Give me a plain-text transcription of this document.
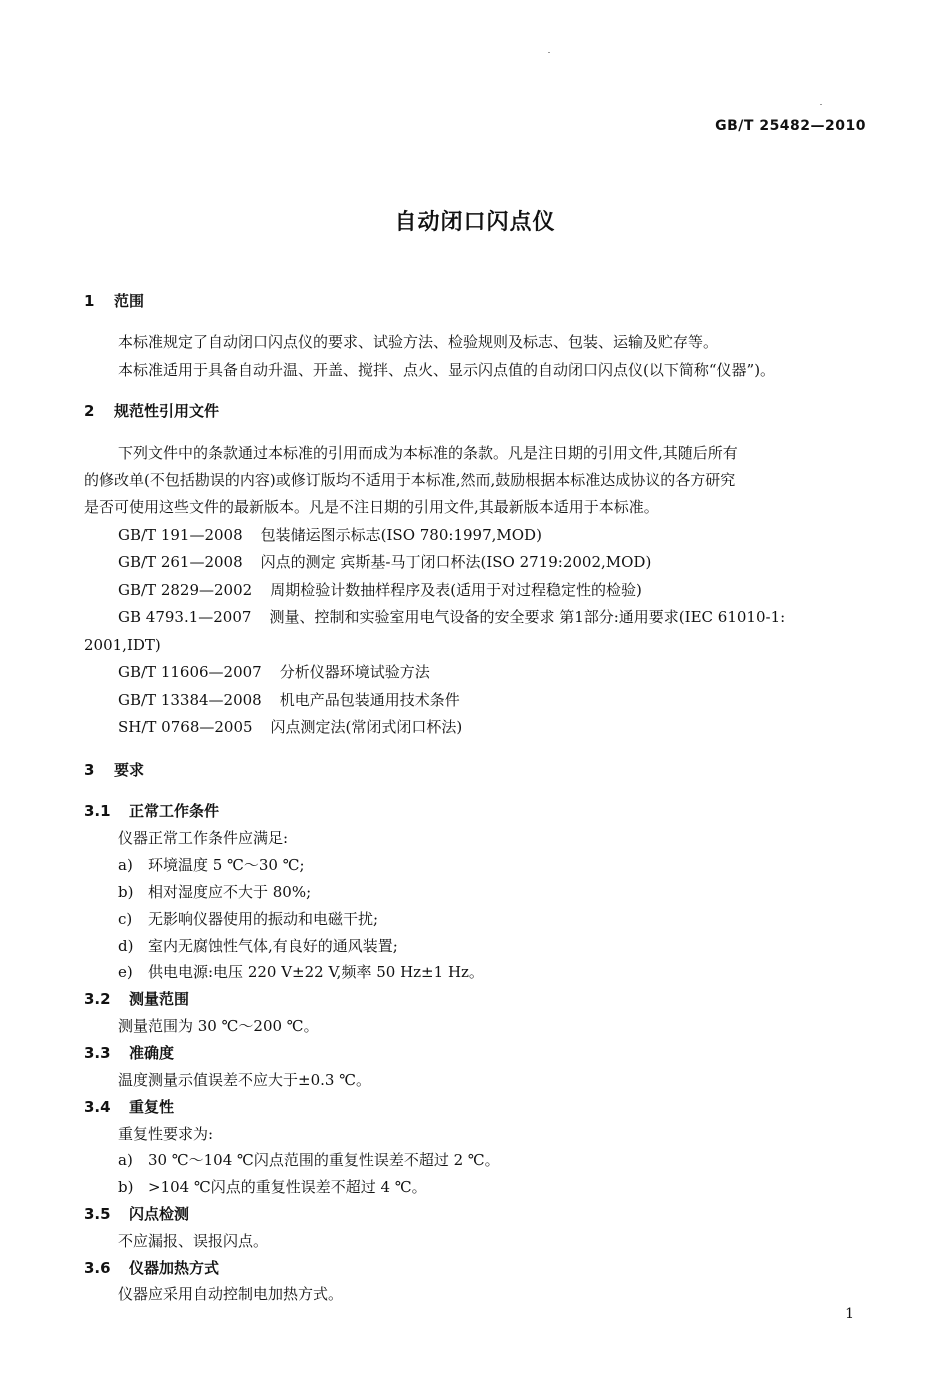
GB/T 25482—2010
自动闭口闪点仪
1 范围
本标准规定了自动闭口闪点仪的要求、试验方法、检验规则及标志、包装、运输及贮存等。
本标准适用于具备自动升温、开盖、搅拌、点火、显示闪点值的自动闭口闪点仪(以下简称“仪器”)。
2 规范性引用文件
下列文件中的条款通过本标准的引用而成为本标准的条款。凡是注日期的引用文件,其随后所有
的修改单(不包括勘误的内容)或修订版均不适用于本标准,然而,鼓励根据本标准达成协议的各方研究
是否可使用这些文件的最新版本。凡是不注日期的引用文件,其最新版本适用于本标准。
GB/T 191—2008 包装储运图示标志(ISO 780:1997,MOD)
GB/T 261—2008 闪点的测定 宾斯基-马丁闭口杯法(ISO 2719:2002,MOD)
GB/T 2829—2002 周期检验计数抽样程序及表(适用于对过程稳定性的检验)
GB 4793.1—2007 测量、控制和实验室用电气设备的安全要求 第1部分:通用要求(IEC 61010-1:
2001,IDT)
GB/T 11606—2007 分析仪器环境试验方法
GB/T 13384—2008 机电产品包装通用技术条件
SH/T 0768—2005 闪点测定法(常闭式闭口杯法)
3 要求
3.1 正常工作条件
仪器正常工作条件应满足:
a) 环境温度 5 ℃～30 ℃;
b) 相对湿度应不大于 80%;
c) 无影响仪器使用的振动和电磁干扰;
d) 室内无腐蚀性气体,有良好的通风装置;
e) 供电电源:电压 220 V±22 V,频率 50 Hz±1 Hz。
3.2 测量范围
测量范围为 30 ℃～200 ℃。
3.3 准确度
温度测量示值误差不应大于±0.3 ℃。
3.4 重复性
重复性要求为:
a) 30 ℃～104 ℃闪点范围的重复性误差不超过 2 ℃。
b) >104 ℃闪点的重复性误差不超过 4 ℃。
3.5 闪点检测
不应漏报、误报闪点。
3.6 仪器加热方式
仪器应采用自动控制电加热方式。
1
